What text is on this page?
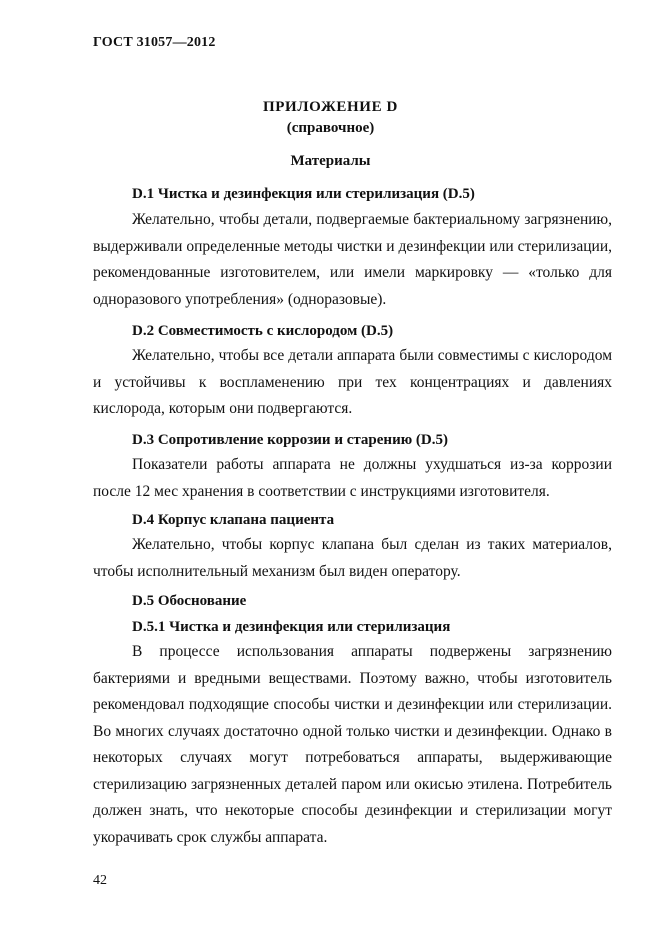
ГОСТ 31057—2012
ПРИЛОЖЕНИЕ D
(справочное)
Материалы
D.1 Чистка и дезинфекция или стерилизация (D.5)

Желательно, чтобы детали, подвергаемые бактериальному загрязнению, выдерживали определенные методы чистки и дезинфекции или стерилизации, рекомендованные изготовителем, или имели маркировку — «только для одноразового употребления» (одноразовые).

D.2 Совместимость с кислородом (D.5)

Желательно, чтобы все детали аппарата были совместимы с кислородом и устойчивы к воспламенению при тех концентрациях и давлениях кислорода, которым они подвергаются.

D.3 Сопротивление коррозии и старению (D.5)

Показатели работы аппарата не должны ухудшаться из-за коррозии после 12 мес хранения в соответствии с инструкциями изготовителя.

D.4 Корпус клапана пациента

Желательно, чтобы корпус клапана был сделан из таких материалов, чтобы исполнительный механизм был виден оператору.

D.5 Обоснование
D.5.1 Чистка и дезинфекция или стерилизация

В процессе использования аппараты подвержены загрязнению бактериями и вредными веществами. Поэтому важно, чтобы изготовитель рекомендовал подходящие способы чистки и дезинфекции или стерилизации. Во многих случаях достаточно одной только чистки и дезинфекции. Однако в некоторых случаях могут потребоваться аппараты, выдерживающие стерилизацию загрязненных деталей паром или окисью этилена. Потребитель должен знать, что некоторые способы дезинфекции и стерилизации могут укорачивать срок службы аппарата.

42
